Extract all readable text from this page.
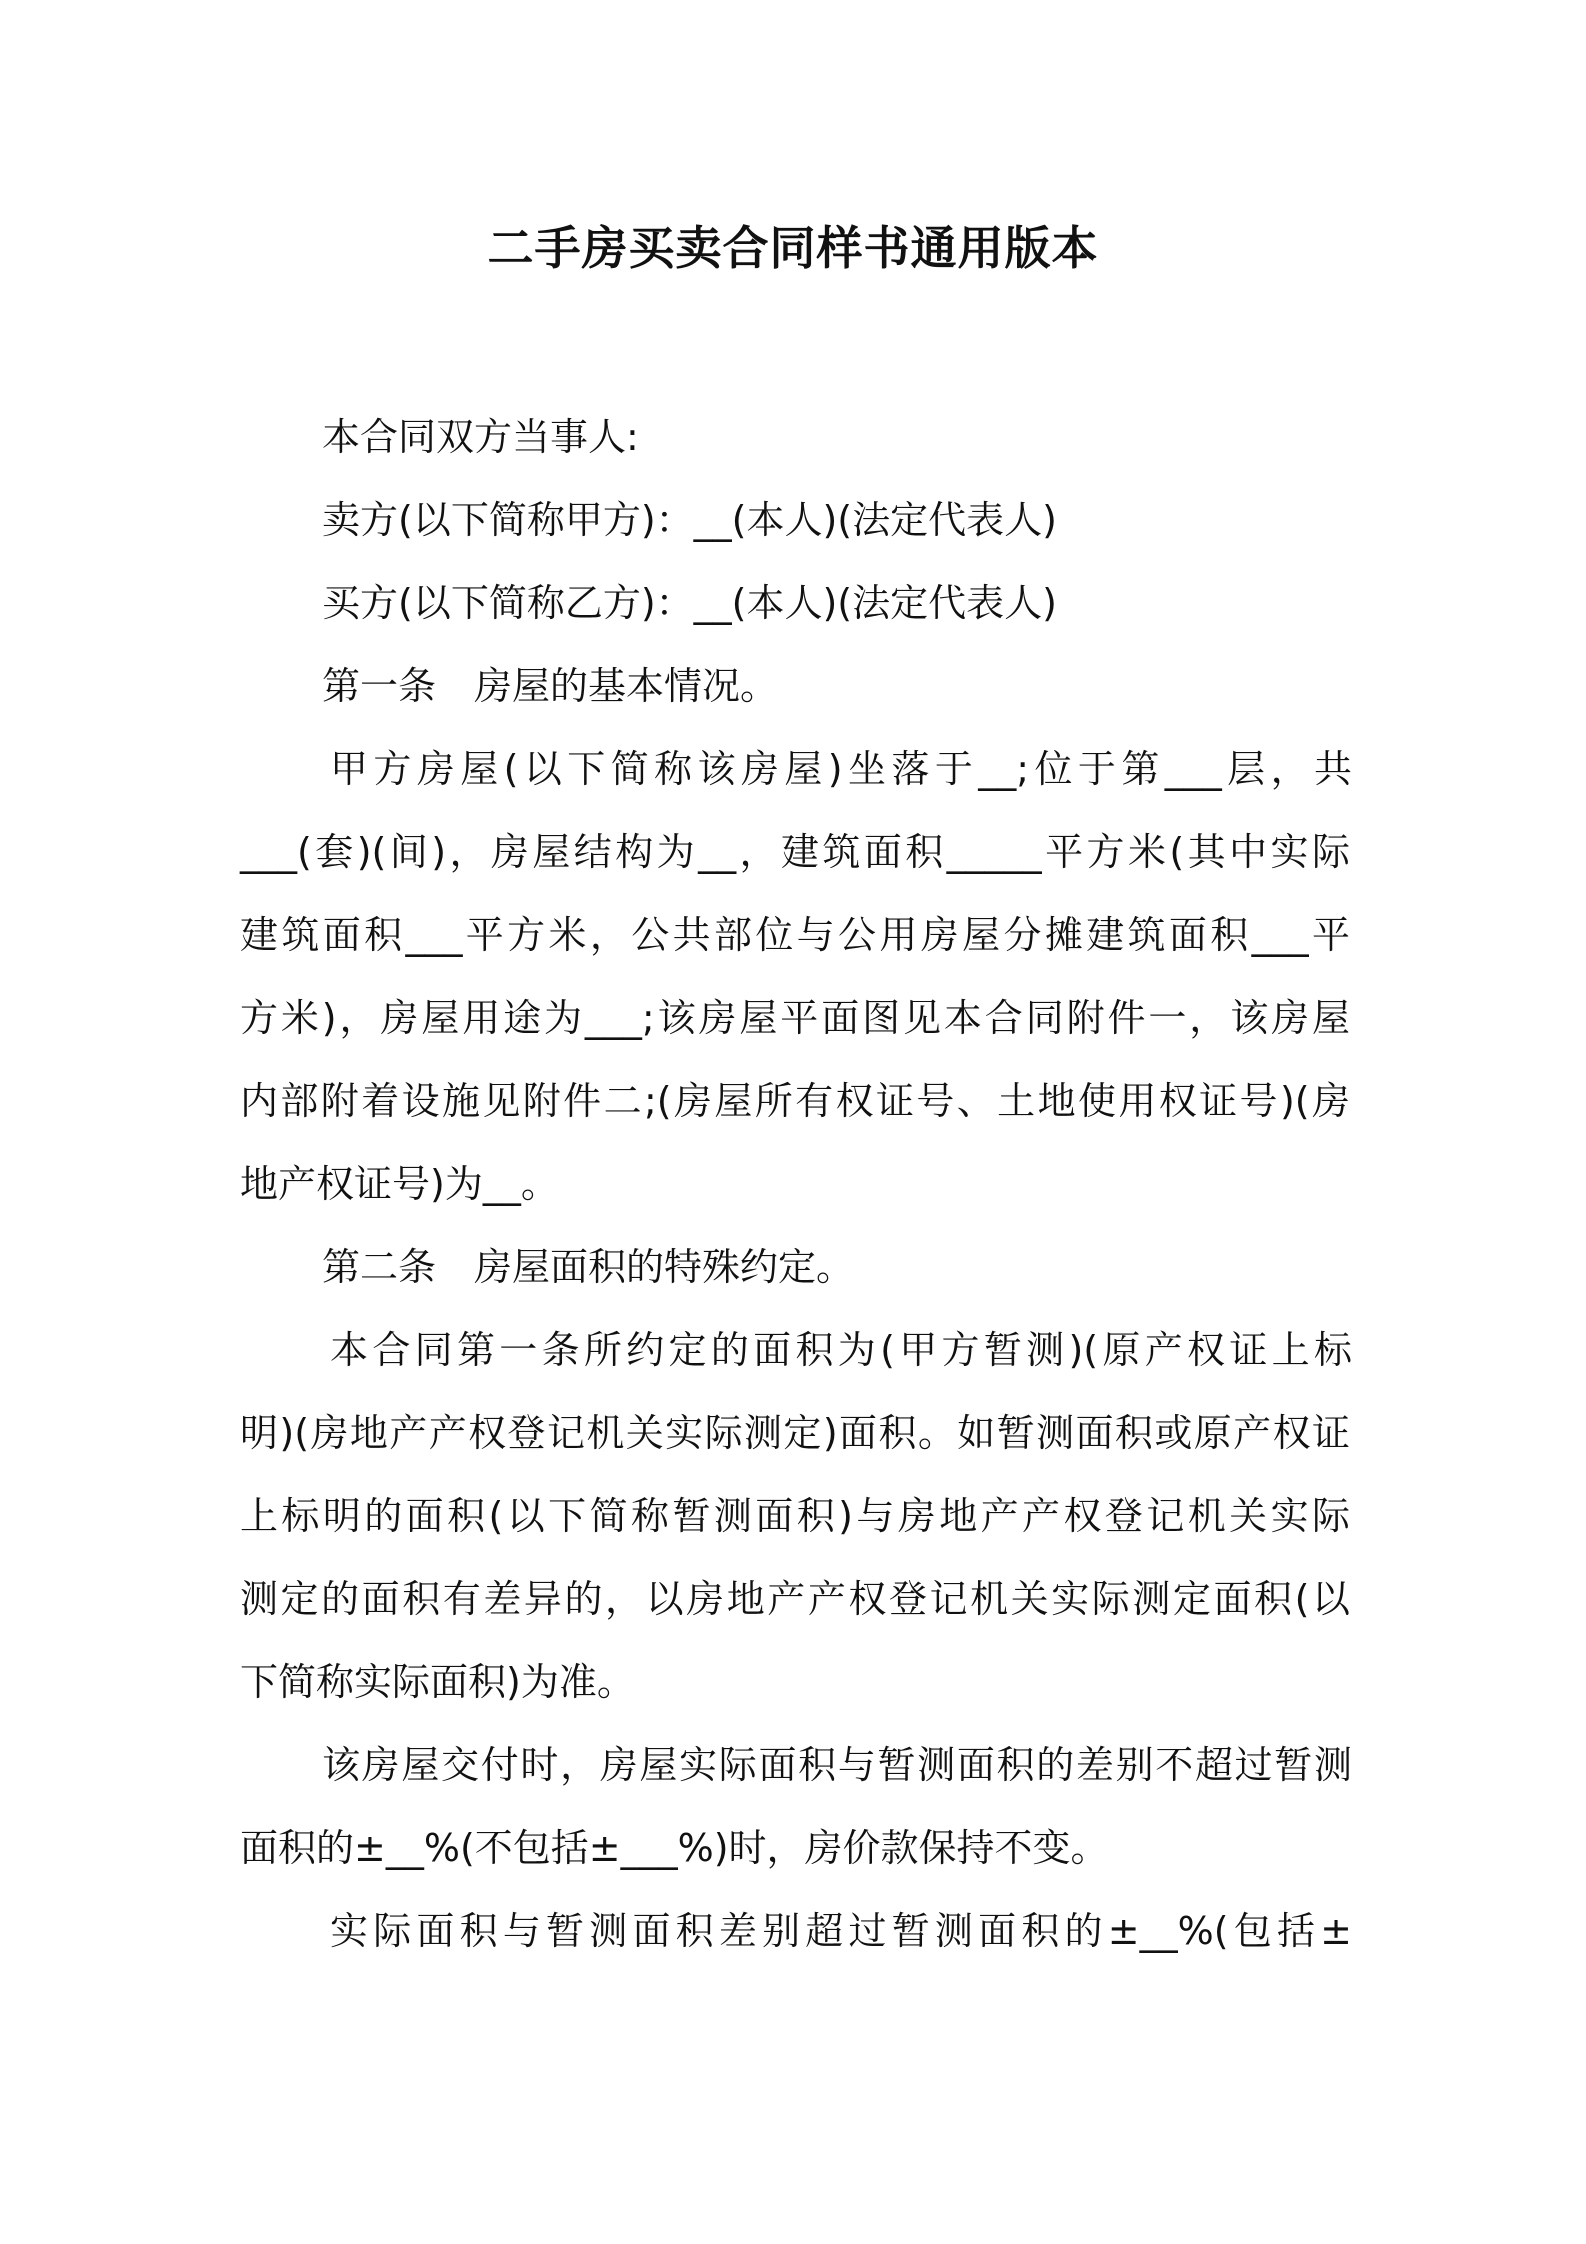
二手房买卖合同样书通用版本
本合同双方当事人:
卖方(以下简称甲方)：__(本人)(法定代表人)
买方(以下简称乙方)：__(本人)(法定代表人)
第一条　房屋的基本情况。
甲方房屋(以下简称该房屋)坐落于__;位于第___层，共
___(套)(间)，房屋结构为__，建筑面积_____平方米(其中实际
建筑面积___平方米，公共部位与公用房屋分摊建筑面积___平
方米)，房屋用途为___;该房屋平面图见本合同附件一，该房屋
内部附着设施见附件二;(房屋所有权证号、土地使用权证号)(房
地产权证号)为__。
第二条　房屋面积的特殊约定。
本合同第一条所约定的面积为(甲方暂测)(原产权证上标
明)(房地产产权登记机关实际测定)面积。如暂测面积或原产权证
上标明的面积(以下简称暂测面积)与房地产产权登记机关实际
测定的面积有差异的，以房地产产权登记机关实际测定面积(以
下简称实际面积)为准。
该房屋交付时，房屋实际面积与暂测面积的差别不超过暂测
面积的±__%(不包括±___%)时，房价款保持不变。
实际面积与暂测面积差别超过暂测面积的±__%(包括±
